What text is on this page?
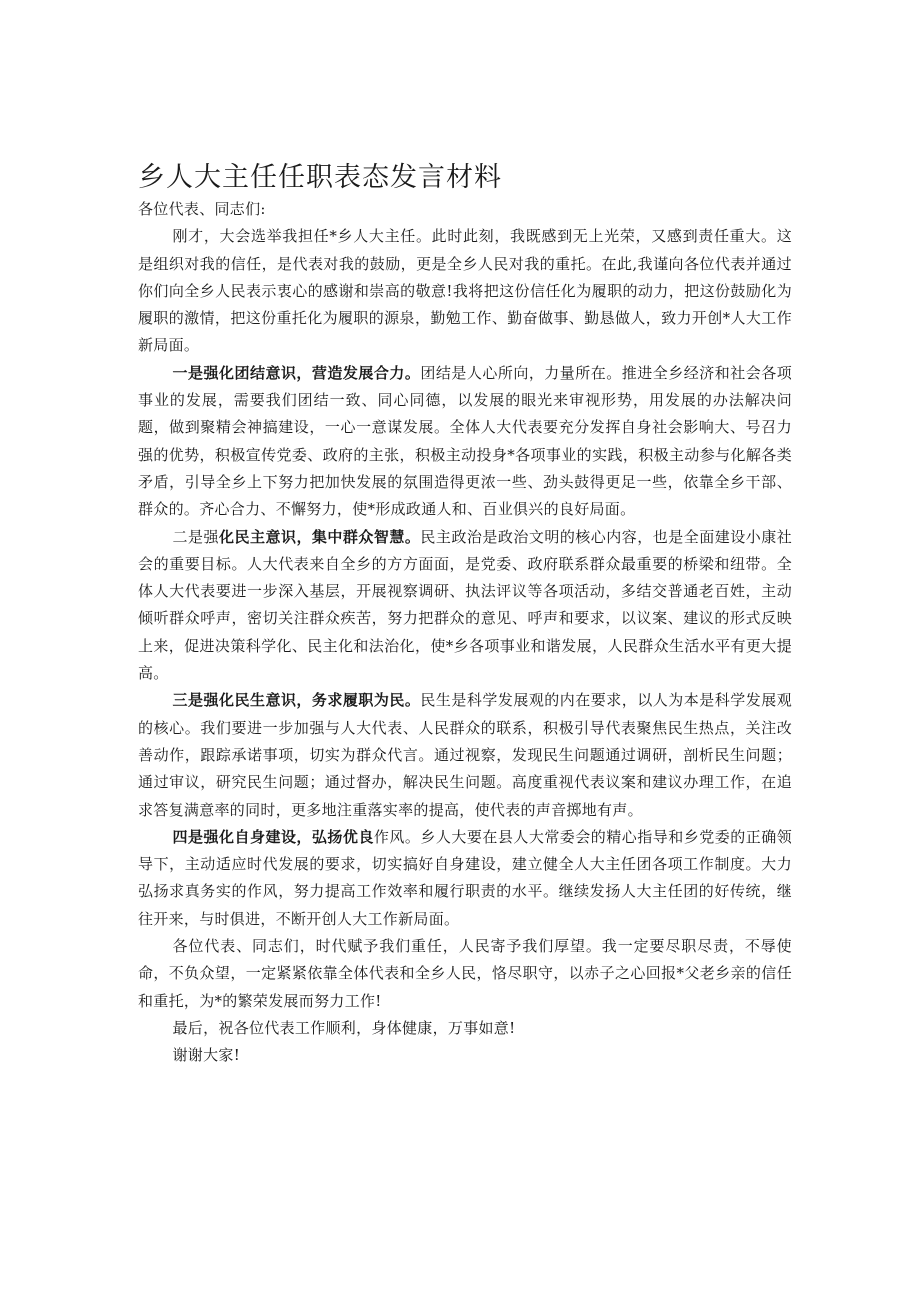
乡人大主任任职表态发言材料

各位代表、同志们:

刚才，大会选举我担任*乡人大主任。此时此刻，我既感到无上光荣，又感到责任重大。这是组织对我的信任，是代表对我的鼓励，更是全乡人民对我的重托。在此,我谨向各位代表并通过你们向全乡人民表示衷心的感谢和崇高的敬意!我将把这份信任化为履职的动力，把这份鼓励化为履职的激情，把这份重托化为履职的源泉，勤勉工作、勤奋做事、勤恳做人，致力开创*人大工作新局面。

一是强化团结意识，营造发展合力。团结是人心所向，力量所在。推进全乡经济和社会各项事业的发展，需要我们团结一致、同心同德，以发展的眼光来审视形势，用发展的办法解决问题，做到聚精会神搞建设，一心一意谋发展。全体人大代表要充分发挥自身社会影响大、号召力强的优势，积极宣传党委、政府的主张，积极主动投身*各项事业的实践，积极主动参与化解各类矛盾，引导全乡上下努力把加快发展的氛围造得更浓一些、劲头鼓得更足一些，依靠全乡干部、群众的。齐心合力、不懈努力，使*形成政通人和、百业俱兴的良好局面。

二是强化民主意识，集中群众智慧。民主政治是政治文明的核心内容，也是全面建设小康社会的重要目标。人大代表来自全乡的方方面面，是党委、政府联系群众最重要的桥梁和纽带。全体人大代表要进一步深入基层，开展视察调研、执法评议等各项活动，多结交普通老百姓，主动倾听群众呼声，密切关注群众疾苦，努力把群众的意见、呼声和要求，以议案、建议的形式反映上来，促进决策科学化、民主化和法治化，使*乡各项事业和谐发展，人民群众生活水平有更大提高。

三是强化民生意识，务求履职为民。民生是科学发展观的内在要求，以人为本是科学发展观的核心。我们要进一步加强与人大代表、人民群众的联系，积极引导代表聚焦民生热点，关注改善动作，跟踪承诺事项，切实为群众代言。通过视察，发现民生问题通过调研，剖析民生问题；通过审议，研究民生问题；通过督办，解决民生问题。高度重视代表议案和建议办理工作，在追求答复满意率的同时，更多地注重落实率的提高，使代表的声音掷地有声。

四是强化自身建设，弘扬优良作风。乡人大要在县人大常委会的精心指导和乡党委的正确领导下，主动适应时代发展的要求，切实搞好自身建设，建立健全人大主任团各项工作制度。大力弘扬求真务实的作风，努力提高工作效率和履行职责的水平。继续发扬人大主任团的好传统，继往开来，与时俱进，不断开创人大工作新局面。

各位代表、同志们，时代赋予我们重任，人民寄予我们厚望。我一定要尽职尽责，不辱使命，不负众望，一定紧紧依靠全体代表和全乡人民，恪尽职守，以赤子之心回报*父老乡亲的信任和重托，为*的繁荣发展而努力工作!

最后，祝各位代表工作顺利，身体健康，万事如意!

谢谢大家!
